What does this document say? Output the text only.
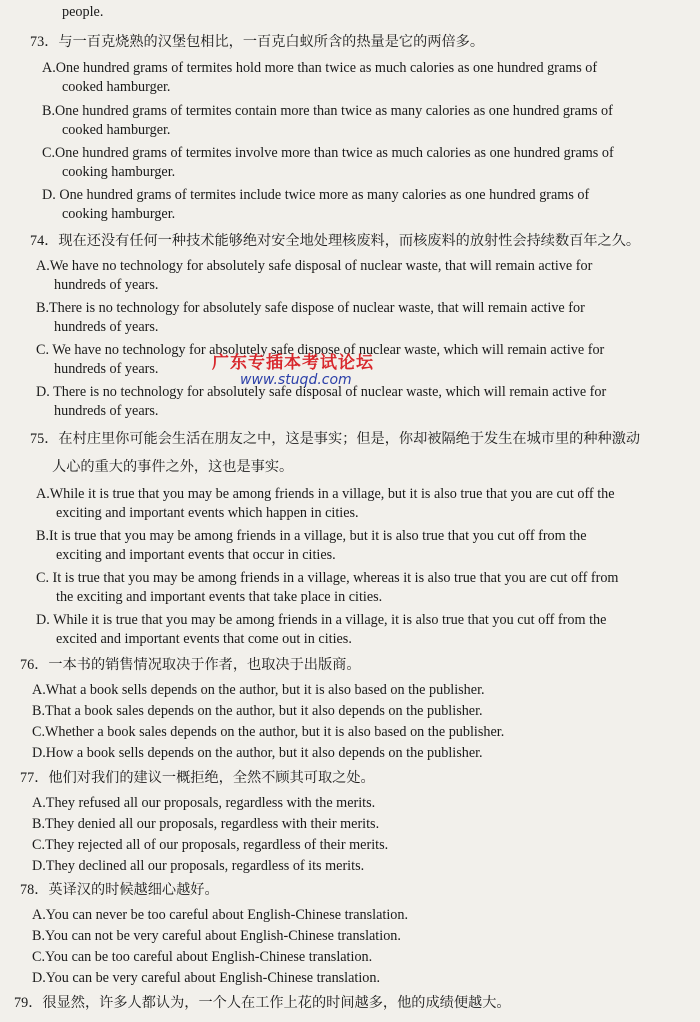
people.
73．与一百克烧熟的汉堡包相比，一百克白蚁所含的热量是它的两倍多。
A.One hundred grams of termites hold more than twice as much calories as one hundred grams of
cooked hamburger.
B.One hundred grams of termites contain more than twice as many calories as one hundred grams of
cooked hamburger.
C.One hundred grams of termites involve more than twice as much calories as one hundred grams of
cooking hamburger.
D. One hundred grams of termites include twice more as many calories as one hundred grams of
cooking hamburger.
74．现在还没有任何一种技术能够绝对安全地处理核废料，而核废料的放射性会持续数百年之久。
A.We have no technology for absolutely safe disposal of nuclear waste, that will remain active for
hundreds of years.
B.There is no technology for absolutely safe dispose of nuclear waste, that will remain active for
hundreds of years.
C. We have no technology for absolutely safe dispose of nuclear waste, which will remain active for
hundreds of years.
D. There is no technology for absolutely safe disposal of nuclear waste, which will remain active for
hundreds of years.
广东专插本考试论坛
www.stuqd.com
75．在村庄里你可能会生活在朋友之中，这是事实；但是，你却被隔绝于发生在城市里的种种激动
人心的重大的事件之外，这也是事实。
A.While it is true that you may be among friends in a village, but it is also true that you are cut off the
exciting and important events which happen in cities.
B.It is true that you may be among friends in a village, but it is also true that you cut off from the
exciting and important events that occur in cities.
C. It is true that you may be among friends in a village, whereas it is also true that you are cut off from
the exciting and important events that take place in cities.
D. While it is true that you may be among friends in a village, it is also true that you cut off from the
excited and important events that come out in cities.
76．一本书的销售情况取决于作者，也取决于出版商。
A.What a book sells depends on the author, but it is also based on the publisher.
B.That a book sales depends on the author, but it also depends on the publisher.
C.Whether a book sales depends on the author, but it is also based on the publisher.
D.How a book sells depends on the author, but it also depends on the publisher.
77．他们对我们的建议一概拒绝，全然不顾其可取之处。
A.They refused all our proposals, regardless with the merits.
B.They denied all our proposals, regardless with their merits.
C.They rejected all of our proposals, regardless of their merits.
D.They declined all our proposals, regardless of its merits.
78．英译汉的时候越细心越好。
A.You can never be too careful about English-Chinese translation.
B.You can not be very careful about English-Chinese translation.
C.You can be too careful about English-Chinese translation.
D.You can be very careful about English-Chinese translation.
79．很显然，许多人都认为，一个人在工作上花的时间越多，他的成绩便越大。
